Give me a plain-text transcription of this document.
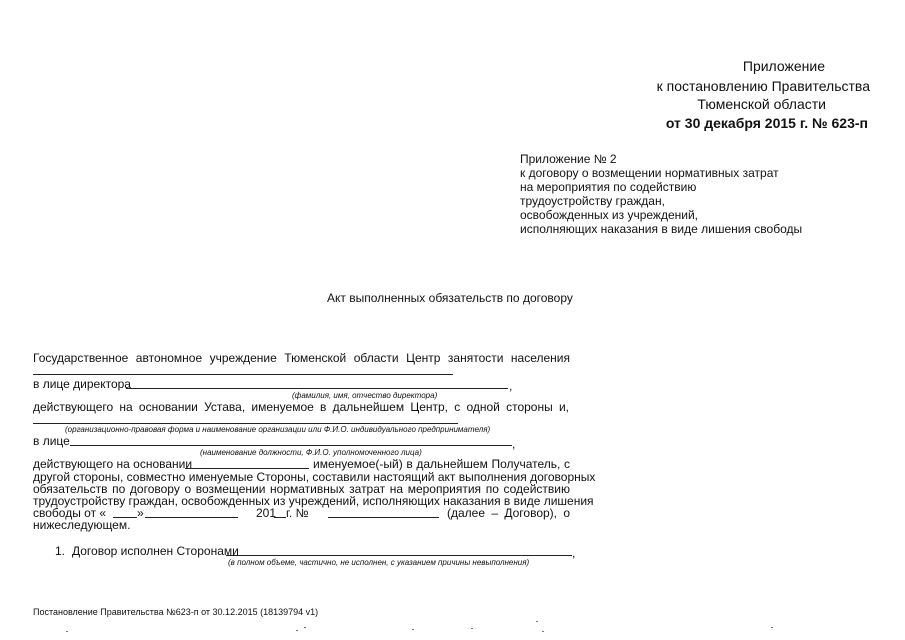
Приложение
к постановлению Правительства
Тюменской области
от 30 декабря 2015 г. № 623-п
Приложение № 2
к договору о возмещении нормативных затрат
на мероприятия по содействию
трудоустройству граждан,
освобожденных из учреждений,
исполняющих наказания в виде лишения свободы
Акт выполненных обязательств по договору
Государственное автономное учреждение Тюменской области Центр занятости населения
в лице директора	,
(фамилия, имя, отчество директора)
действующего на основании Устава, именуемое в дальнейшем Центр, с одной стороны и,
(организационно-правовая форма и наименование организации или Ф.И.О. индивидуального предпринимателя)
в лице	,
(наименование должности, Ф.И.О. уполномоченного лица)
действующего на основании	именуемое(-ый) в дальнейшем Получатель, с
другой стороны, совместно именуемые Стороны, составили настоящий акт выполнения договорных
обязательств по договору о возмещении нормативных затрат на мероприятия по содействию
трудоустройству граждан, освобожденных из учреждений, исполняющих наказания в виде лишения
свободы от «	»	201 г. №	(далее – Договор), о
нижеследующем.
1. Договор исполнен Сторонами	,
(в полном объеме, частично, не исполнен, с указанием причины невыполнения)
Постановление Правительства №623-п от 30.12.2015 (18139794 v1)
